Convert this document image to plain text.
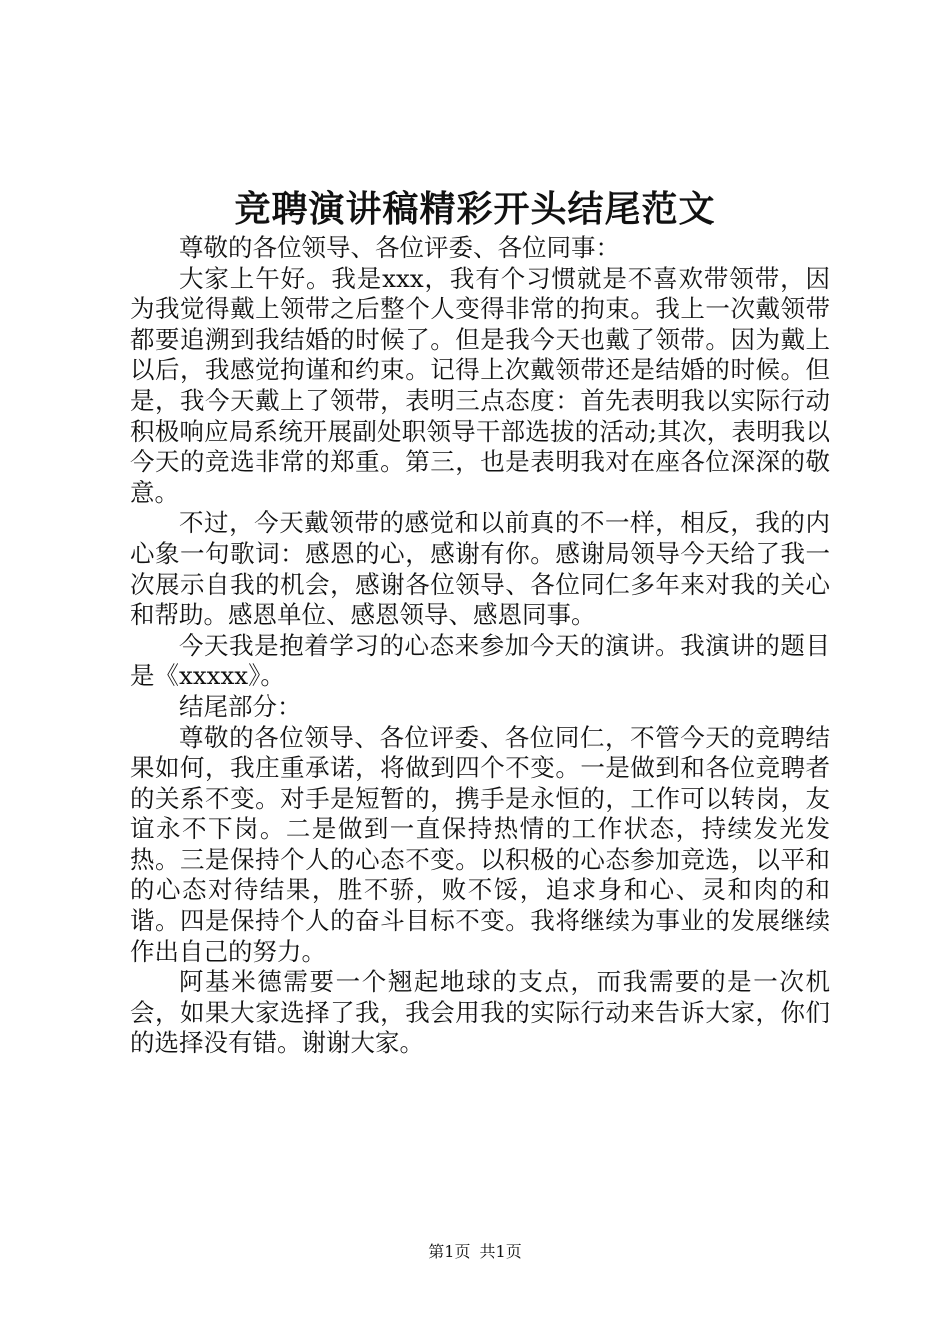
竞聘演讲稿精彩开头结尾范文

尊敬的各位领导、各位评委、各位同事：

大家上午好。我是xxx，我有个习惯就是不喜欢带领带，因为我觉得戴上领带之后整个人变得非常的拘束。我上一次戴领带都要追溯到我结婚的时候了。但是我今天也戴了领带。因为戴上以后，我感觉拘谨和约束。记得上次戴领带还是结婚的时候。但是，我今天戴上了领带，表明三点态度：首先表明我以实际行动积极响应局系统开展副处职领导干部选拔的活动;其次，表明我以今天的竞选非常的郑重。第三，也是表明我对在座各位深深的敬意。

不过，今天戴领带的感觉和以前真的不一样，相反，我的内心象一句歌词：感恩的心，感谢有你。感谢局领导今天给了我一次展示自我的机会，感谢各位领导、各位同仁多年来对我的关心和帮助。感恩单位、感恩领导、感恩同事。

今天我是抱着学习的心态来参加今天的演讲。我演讲的题目是《xxxxx》。

结尾部分：

尊敬的各位领导、各位评委、各位同仁，不管今天的竞聘结果如何，我庄重承诺，将做到四个不变。一是做到和各位竞聘者的关系不变。对手是短暂的，携手是永恒的，工作可以转岗，友谊永不下岗。二是做到一直保持热情的工作状态，持续发光发热。三是保持个人的心态不变。以积极的心态参加竞选，以平和的心态对待结果，胜不骄，败不馁，追求身和心、灵和肉的和谐。四是保持个人的奋斗目标不变。我将继续为事业的发展继续作出自己的努力。

阿基米德需要一个翘起地球的支点，而我需要的是一次机会，如果大家选择了我，我会用我的实际行动来告诉大家，你们的选择没有错。谢谢大家。

第1页 共1页
